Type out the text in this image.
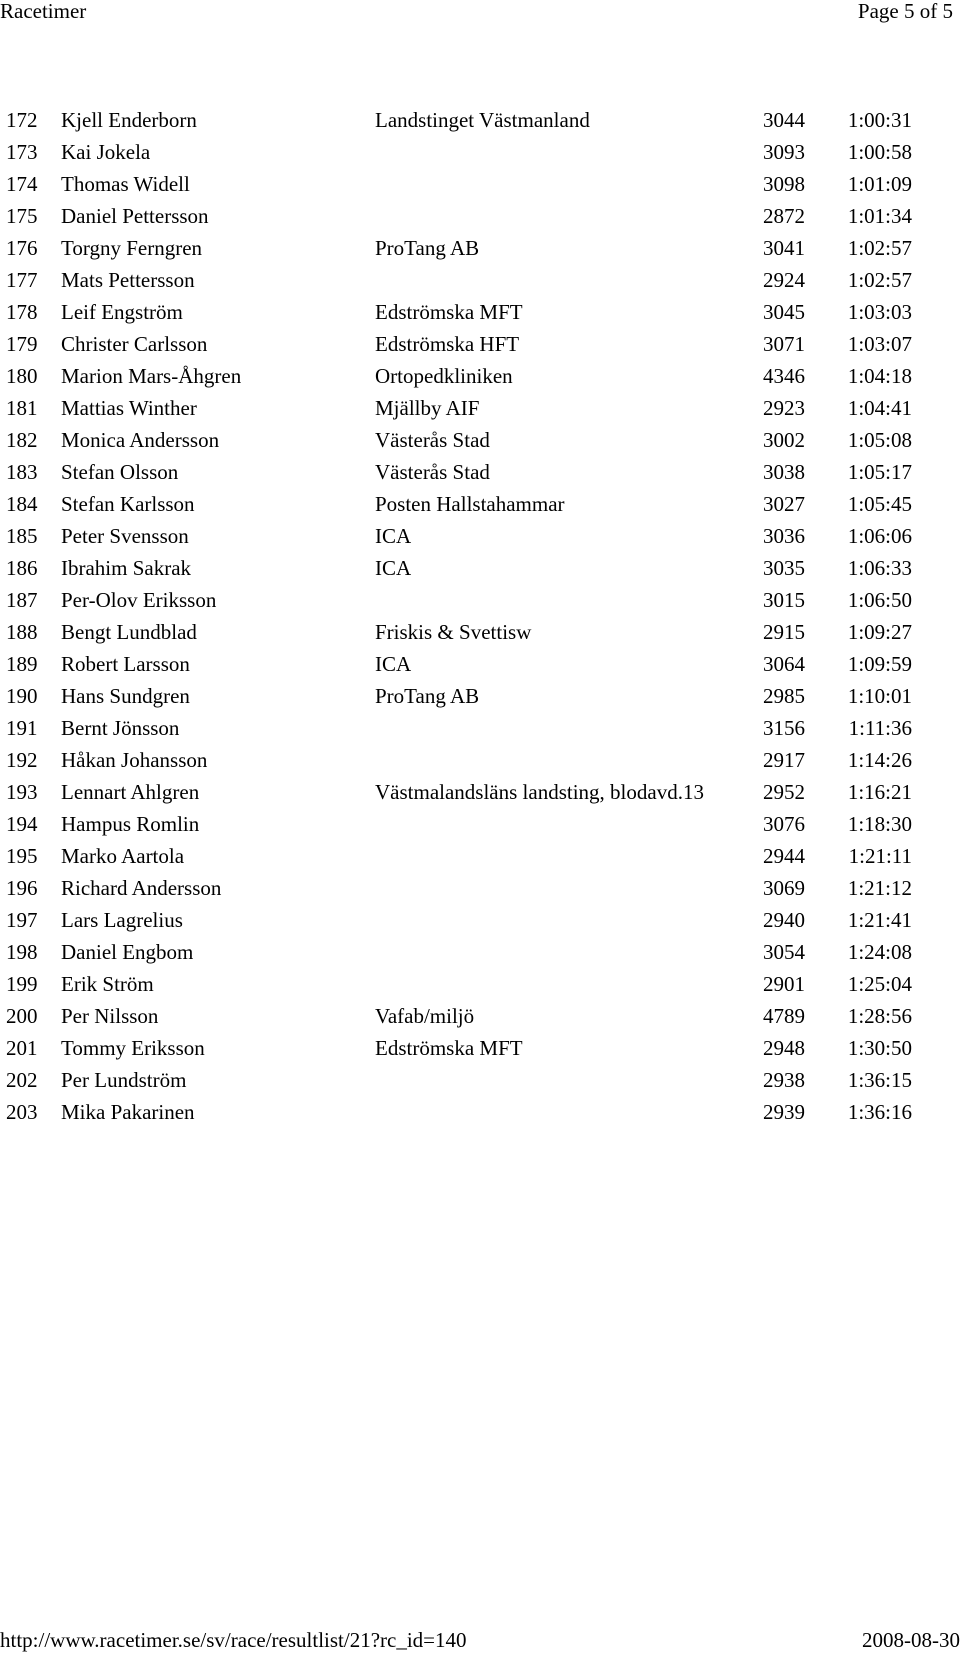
Racetimer	Page 5 of 5
172 Kjell Enderborn	Landstinget Västmanland	3044	1:00:31
173 Kai Jokela	3093	1:00:58
174 Thomas Widell	3098	1:01:09
175 Daniel Pettersson	2872	1:01:34
176 Torgny Ferngren	ProTang AB	3041	1:02:57
177 Mats Pettersson	2924	1:02:57
178 Leif Engström	Edströmska MFT	3045	1:03:03
179 Christer Carlsson	Edströmska HFT	3071	1:03:07
180 Marion Mars-Åhgren	Ortopedkliniken	4346	1:04:18
181 Mattias Winther	Mjällby AIF	2923	1:04:41
182 Monica Andersson	Västerås Stad	3002	1:05:08
183 Stefan Olsson	Västerås Stad	3038	1:05:17
184 Stefan Karlsson	Posten Hallstahammar	3027	1:05:45
185 Peter Svensson	ICA	3036	1:06:06
186 Ibrahim Sakrak	ICA	3035	1:06:33
187 Per-Olov Eriksson	3015	1:06:50
188 Bengt Lundblad	Friskis & Svettisw	2915	1:09:27
189 Robert Larsson	ICA	3064	1:09:59
190 Hans Sundgren	ProTang AB	2985	1:10:01
191 Bernt Jönsson	3156	1:11:36
192 Håkan Johansson	2917	1:14:26
193 Lennart Ahlgren	Västmalandsläns landsting, blodavd.13	2952	1:16:21
194 Hampus Romlin	3076	1:18:30
195 Marko Aartola	2944	1:21:11
196 Richard Andersson	3069	1:21:12
197 Lars Lagrelius	2940	1:21:41
198 Daniel Engbom	3054	1:24:08
199 Erik Ström	2901	1:25:04
200 Per Nilsson	Vafab/miljö	4789	1:28:56
201 Tommy Eriksson	Edströmska MFT	2948	1:30:50
202 Per Lundström	2938	1:36:15
203 Mika Pakarinen	2939	1:36:16
http://www.racetimer.se/sv/race/resultlist/21?rc_id=140	2008-08-30
